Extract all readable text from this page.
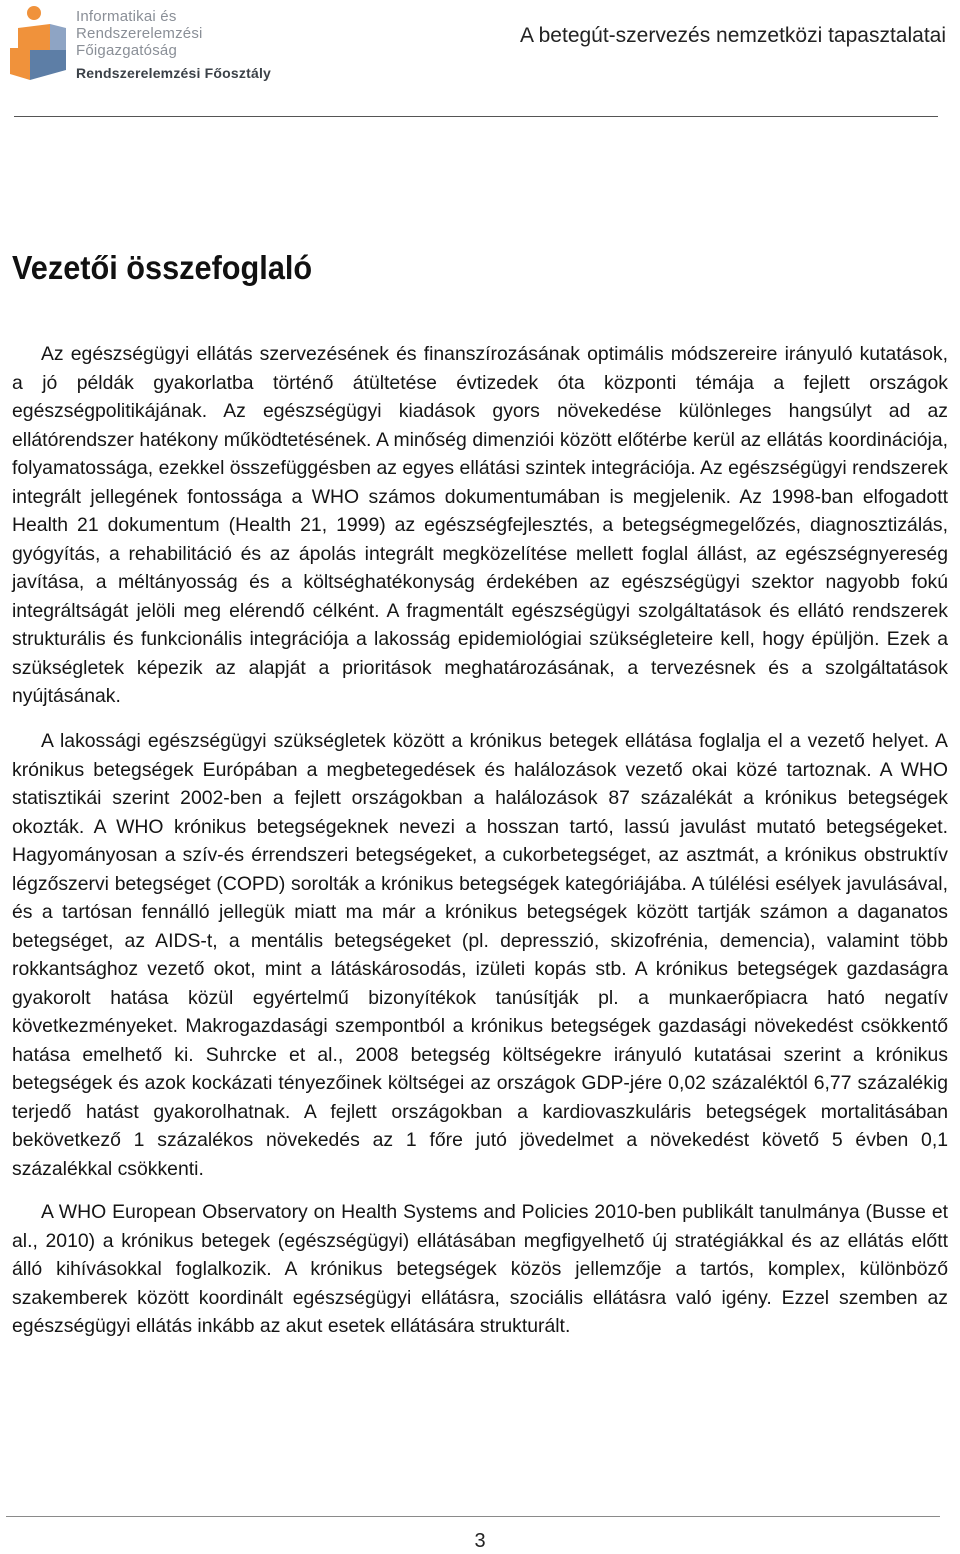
Informatikai és
Rendszerelemzési
Főigazgatóság
Rendszerelemzési Főosztály
A betegút-szervezés nemzetközi tapasztalatai
Vezetői összefoglaló

Az egészségügyi ellátás szervezésének és finanszírozásának optimális módszereire irányuló kutatások, a jó példák gyakorlatba történő átültetése évtizedek óta központi témája a fejlett országok egészségpolitikájának. Az egészségügyi kiadások gyors növekedése különleges hangsúlyt ad az ellátórendszer hatékony működtetésének. A minőség dimenziói között előtérbe kerül az ellátás koordinációja, folyamatossága, ezekkel összefüggésben az egyes ellátási szintek integrációja. Az egészségügyi rendszerek integrált jellegének fontossága a WHO számos dokumentumában is megjelenik. Az 1998-ban elfogadott Health 21 dokumentum (Health 21, 1999) az egészségfejlesztés, a betegségmegelőzés, diagnosztizálás, gyógyítás, a rehabilitáció és az ápolás integrált megközelítése mellett foglal állást, az egészségnyereség javítása, a méltányosság és a költséghatékonyság érdekében az egészségügyi szektor nagyobb fokú integráltságát jelöli meg elérendő célként. A fragmentált egészségügyi szolgáltatások és ellátó rendszerek strukturális és funkcionális integrációja a lakosság epidemiológiai szükségleteire kell, hogy épüljön. Ezek a szükségletek képezik az alapját a prioritások meghatározásának, a tervezésnek és a szolgáltatások nyújtásának.

A lakossági egészségügyi szükségletek között a krónikus betegek ellátása foglalja el a vezető helyet. A krónikus betegségek Európában a megbetegedések és halálozások vezető okai közé tartoznak. A WHO statisztikái szerint 2002-ben a fejlett országokban a halálozások 87 százalékát a krónikus betegségek okozták. A WHO krónikus betegségeknek nevezi a hosszan tartó, lassú javulást mutató betegségeket. Hagyományosan a szív-és érrendszeri betegségeket, a cukorbetegséget, az asztmát, a krónikus obstruktív légzőszervi betegséget (COPD) sorolták a krónikus betegségek kategóriájába. A túlélési esélyek javulásával, és a tartósan fennálló jellegük miatt ma már a krónikus betegségek között tartják számon a daganatos betegséget, az AIDS-t, a mentális betegségeket (pl. depresszió, skizofrénia, demencia), valamint több rokkantsághoz vezető okot, mint a látáskárosodás, izületi kopás stb. A krónikus betegségek gazdaságra gyakorolt hatása közül egyértelmű bizonyítékok tanúsítják pl. a munkaerőpiacra ható negatív következményeket. Makrogazdasági szempontból a krónikus betegségek gazdasági növekedést csökkentő hatása emelhető ki. Suhrcke et al., 2008 betegség költségekre irányuló kutatásai szerint a krónikus betegségek és azok kockázati tényezőinek költségei az országok GDP-jére 0,02 százaléktól 6,77 százalékig terjedő hatást gyakorolhatnak. A fejlett országokban a kardiovaszkuláris betegségek mortalitásában bekövetkező 1 százalékos növekedés az 1 főre jutó jövedelmet a növekedést követő 5 évben 0,1 százalékkal csökkenti.

A WHO European Observatory on Health Systems and Policies 2010-ben publikált tanulmánya (Busse et al., 2010) a krónikus betegek (egészségügyi) ellátásában megfigyelhető új stratégiákkal és az ellátás előtt álló kihívásokkal foglalkozik. A krónikus betegségek közös jellemzője a tartós, komplex, különböző szakemberek között koordinált egészségügyi ellátásra, szociális ellátásra való igény. Ezzel szemben az egészségügyi ellátás inkább az akut esetek ellátására strukturált.

3
